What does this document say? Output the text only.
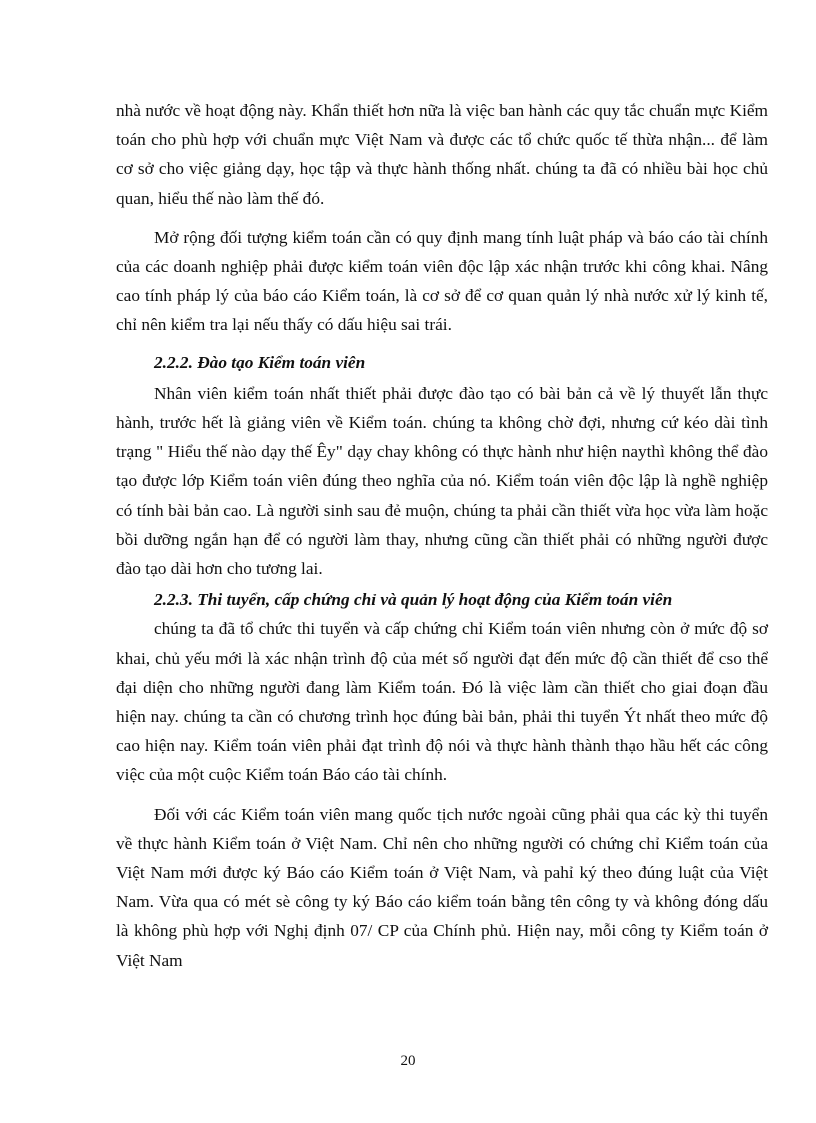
nhà nước về hoạt động này. Khẩn thiết hơn nữa là việc ban hành các quy tắc chuẩn mực Kiểm toán cho phù hợp với chuẩn mực Việt Nam và được các tổ chức quốc tế thừa nhận... để làm cơ sở cho việc giảng dạy, học tập và thực hành thống nhất. chúng ta đã có nhiều bài học chủ quan, hiểu thế nào làm thế đó.

Mở rộng đối tượng kiểm toán cần có quy định mang tính luật pháp và báo cáo tài chính của các doanh nghiệp phải được kiểm toán viên độc lập xác nhận trước khi công khai. Nâng cao tính pháp lý của báo cáo Kiểm toán, là cơ sở để cơ quan quản lý nhà nước xử lý kinh tế, chỉ nên kiểm tra lại nếu thấy có dấu hiệu sai trái.

2.2.2. Đào tạo Kiểm toán viên

Nhân viên kiểm toán nhất thiết phải được đào tạo có bài bản cả về lý thuyết lẫn thực hành, trước hết là giảng viên về Kiểm toán. chúng ta không chờ đợi, nhưng cứ kéo dài tình trạng " Hiểu thế nào dạy thế Êy" dạy chay không có thực hành như hiện naythì không thể đào tạo được lớp Kiểm toán viên đúng theo nghĩa của nó. Kiểm toán viên độc lập là nghề nghiệp có tính bài bản cao. Là người sinh sau đẻ muộn, chúng ta phải cần thiết vừa học vừa làm hoặc bồi dưỡng ngắn hạn để có người làm thay, nhưng cũng cần thiết phải có những người được đào tạo dài hơn cho tương lai.

2.2.3. Thi tuyển, cấp chứng chỉ và quản lý hoạt động của Kiểm toán viên

chúng ta đã tổ chức thi tuyển và cấp chứng chỉ Kiểm toán viên nhưng còn ở mức độ sơ khai, chủ yếu mới là xác nhận trình độ của mét số người đạt đến mức độ cần thiết để cso thể đại diện cho những người đang làm Kiểm toán. Đó là việc làm cần thiết cho giai đoạn đầu hiện nay. chúng ta cần có chương trình học đúng bài bản, phải thi tuyển Ýt nhất theo mức độ cao hiện nay. Kiểm toán viên phải đạt trình độ nói và thực hành thành thạo hầu hết các công việc của một cuộc Kiểm toán Báo cáo tài chính.

Đối với các Kiểm toán viên mang quốc tịch nước ngoài cũng phải qua các kỳ thi tuyển về thực hành Kiểm toán ở Việt Nam. Chỉ nên cho những người có chứng chỉ Kiểm toán của Việt Nam mới được ký Báo cáo Kiểm toán ở Việt Nam, và pahỉ ký theo đúng luật của Việt Nam. Vừa qua có mét sè công ty ký Báo cáo kiểm toán bằng tên công ty và không đóng dấu là không phù hợp với Nghị định 07/ CP của Chính phủ. Hiện nay, mỗi công ty Kiểm toán ở Việt Nam

20
